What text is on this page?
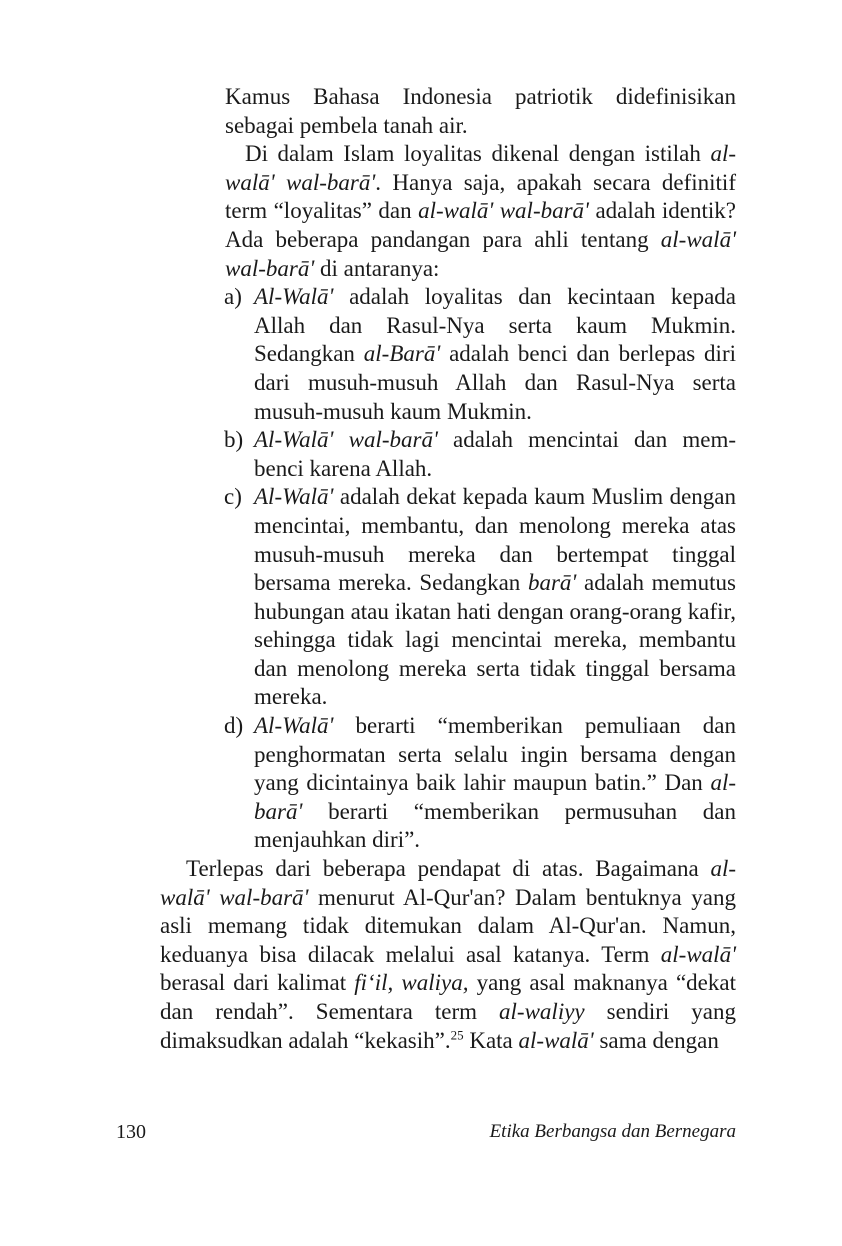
Kamus Bahasa Indonesia patriotik didefinisikan sebagai pembela tanah air.

Di dalam Islam loyalitas dikenal dengan istilah al-walā' wal-barā'. Hanya saja, apakah secara definitif term “loyalitas” dan al-walā' wal-barā' adalah identik? Ada beberapa pandangan para ahli tentang al-walā' wal-barā' di antaranya:

a) Al-Walā' adalah loyalitas dan kecintaan kepada Allah dan Rasul-Nya serta kaum Mukmin. Sedangkan al-Barā' adalah benci dan berlepas diri dari musuh-musuh Allah dan Rasul-Nya serta musuh-musuh kaum Mukmin.
b) Al-Walā' wal-barā' adalah mencintai dan mem-benci karena Allah.
c) Al-Walā' adalah dekat kepada kaum Muslim dengan mencintai, membantu, dan menolong mereka atas musuh-musuh mereka dan bertempat tinggal bersama mereka. Sedangkan barā' adalah memutus hubungan atau ikatan hati dengan orang-orang kafir, sehingga tidak lagi mencintai mereka, membantu dan menolong mereka serta tidak tinggal bersama mereka.
d) Al-Walā' berarti “memberikan pemuliaan dan penghormatan serta selalu ingin bersama dengan yang dicintainya baik lahir maupun batin.” Dan al-barā' berarti “memberikan permusuhan dan menjauhkan diri”.

Terlepas dari beberapa pendapat di atas. Bagaimana al-walā' wal-barā' menurut Al-Qur'an? Dalam bentuknya yang asli memang tidak ditemukan dalam Al-Qur'an. Namun, keduanya bisa dilacak melalui asal katanya. Term al-walā' berasal dari kalimat fi‘il, waliya, yang asal maknanya “dekat dan rendah”. Sementara term al-waliyy sendiri yang dimaksudkan adalah “kekasih”.$^{25}$ Kata al-walā' sama dengan

130	Etika Berbangsa dan Bernegara
